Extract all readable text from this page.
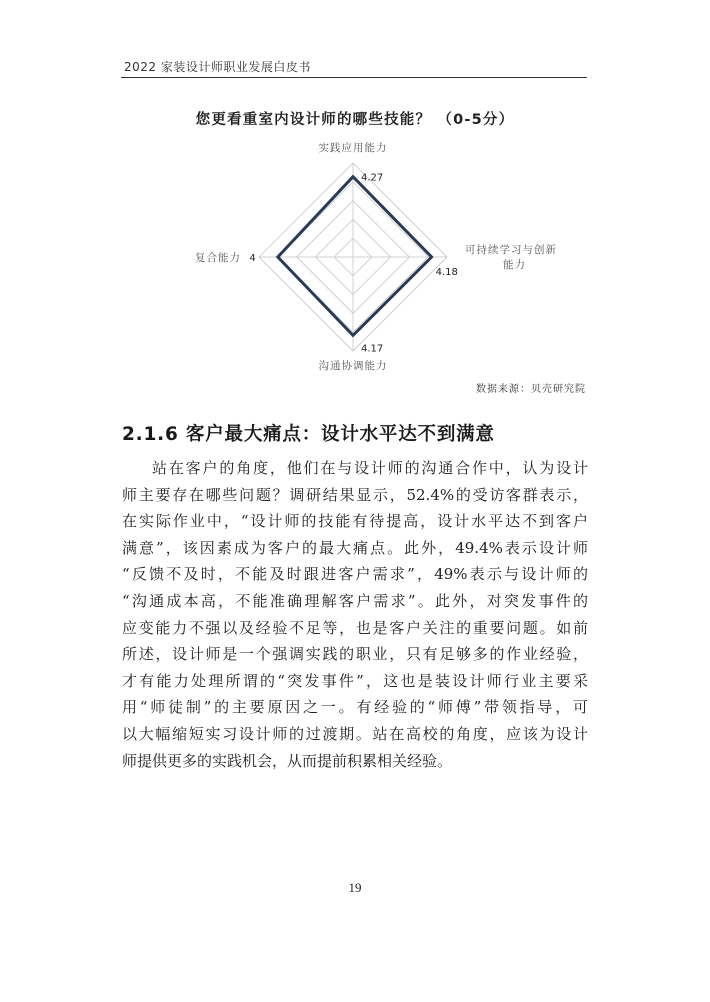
2022 家装设计师职业发展白皮书
您更看重室内设计师的哪些技能？ （0-5分）
4.27
4.18
4.17
4
实践应用能力
可持续学习与创新
能力
沟通协调能力
复合能力
数据来源：贝壳研究院
2.1.6 客户最大痛点：设计水平达不到满意
站在客户的角度，他们在与设计师的沟通合作中，认为设计
师主要存在哪些问题？调研结果显示，52.4%的受访客群表示，
在实际作业中，“设计师的技能有待提高，设计水平达不到客户
满意”，该因素成为客户的最大痛点。此外，49.4%表示设计师
“反馈不及时，不能及时跟进客户需求”，49%表示与设计师的
“沟通成本高，不能准确理解客户需求”。此外，对突发事件的
应变能力不强以及经验不足等，也是客户关注的重要问题。如前
所述，设计师是一个强调实践的职业，只有足够多的作业经验，
才有能力处理所谓的“突发事件”，这也是装设计师行业主要采
用“师徒制”的主要原因之一。有经验的“师傅”带领指导，可
以大幅缩短实习设计师的过渡期。站在高校的角度，应该为设计
师提供更多的实践机会，从而提前积累相关经验。
19
